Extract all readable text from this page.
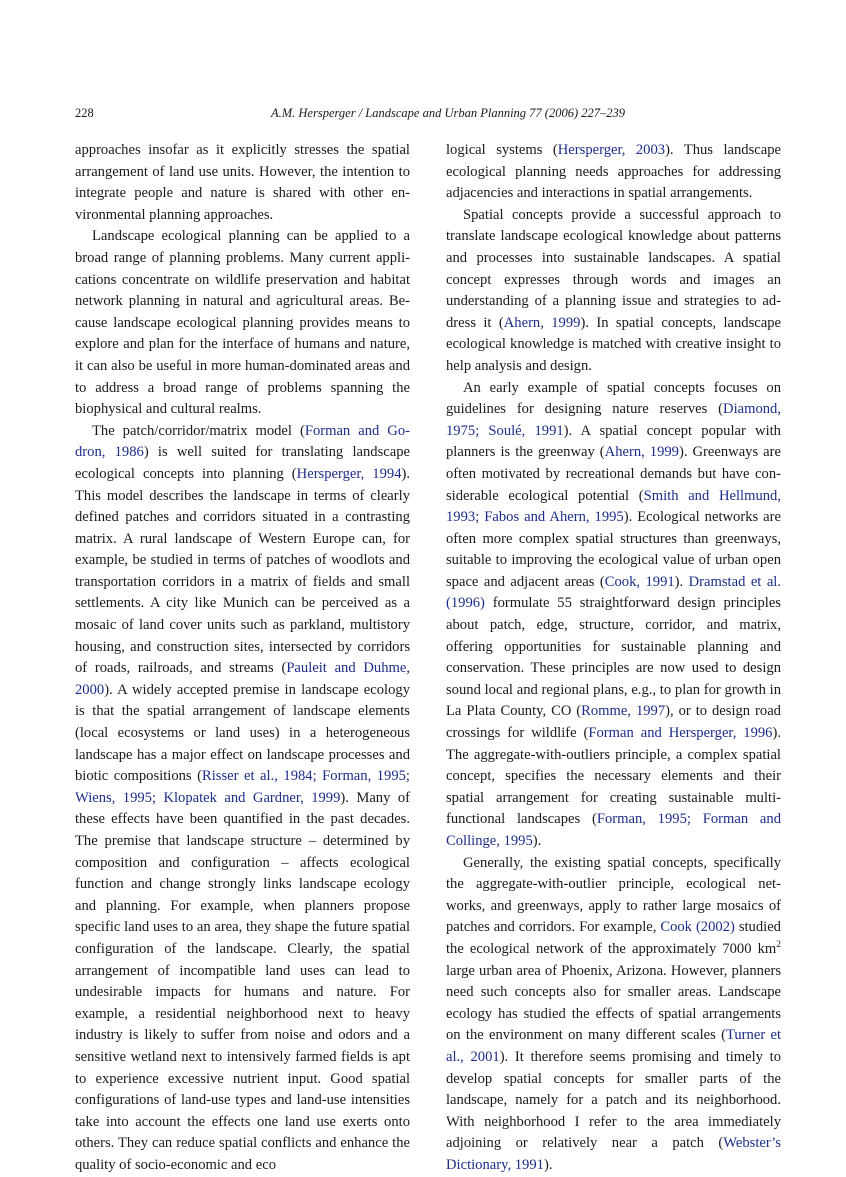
228	A.M. Hersperger / Landscape and Urban Planning 77 (2006) 227–239

approaches insofar as it explicitly stresses the spatial arrangement of land use units. However, the intention to integrate people and nature is shared with other environmental planning approaches.

Landscape ecological planning can be applied to a broad range of planning problems. Many current applications concentrate on wildlife preservation and habitat network planning in natural and agricultural areas. Because landscape ecological planning provides means to explore and plan for the interface of humans and nature, it can also be useful in more human-dominated areas and to address a broad range of problems spanning the biophysical and cultural realms.

The patch/corridor/matrix model (Forman and Godron, 1986) is well suited for translating landscape ecological concepts into planning (Hersperger, 1994). This model describes the landscape in terms of clearly defined patches and corridors situated in a contrasting matrix. A rural landscape of Western Europe can, for example, be studied in terms of patches of woodlots and transportation corridors in a matrix of fields and small settlements. A city like Munich can be perceived as a mosaic of land cover units such as parkland, multistory housing, and construction sites, intersected by corridors of roads, railroads, and streams (Pauleit and Duhme, 2000). A widely accepted premise in landscape ecology is that the spatial arrangement of landscape elements (local ecosystems or land uses) in a heterogeneous landscape has a major effect on landscape processes and biotic compositions (Risser et al., 1984; Forman, 1995; Wiens, 1995; Klopatek and Gardner, 1999). Many of these effects have been quantified in the past decades. The premise that landscape structure – determined by composition and configuration – affects ecological function and change strongly links landscape ecology and planning. For example, when planners propose specific land uses to an area, they shape the future spatial configuration of the landscape. Clearly, the spatial arrangement of incompatible land uses can lead to undesirable impacts for humans and nature. For example, a residential neighborhood next to heavy industry is likely to suffer from noise and odors and a sensitive wetland next to intensively farmed fields is apt to experience excessive nutrient input. Good spatial configurations of land-use types and land-use intensities take into account the effects one land use exerts onto others. They can reduce spatial conflicts and enhance the quality of socio-economic and eco

logical systems (Hersperger, 2003). Thus landscape ecological planning needs approaches for addressing adjacencies and interactions in spatial arrangements.

Spatial concepts provide a successful approach to translate landscape ecological knowledge about patterns and processes into sustainable landscapes. A spatial concept expresses through words and images an understanding of a planning issue and strategies to address it (Ahern, 1999). In spatial concepts, landscape ecological knowledge is matched with creative insight to help analysis and design.

An early example of spatial concepts focuses on guidelines for designing nature reserves (Diamond, 1975; Soulé, 1991). A spatial concept popular with planners is the greenway (Ahern, 1999). Greenways are often motivated by recreational demands but have considerable ecological potential (Smith and Hellmund, 1993; Fabos and Ahern, 1995). Ecological networks are often more complex spatial structures than greenways, suitable to improving the ecological value of urban open space and adjacent areas (Cook, 1991). Dramstad et al. (1996) formulate 55 straightforward design principles about patch, edge, structure, corridor, and matrix, offering opportunities for sustainable planning and conservation. These principles are now used to design sound local and regional plans, e.g., to plan for growth in La Plata County, CO (Romme, 1997), or to design road crossings for wildlife (Forman and Hersperger, 1996). The aggregate-with-outliers principle, a complex spatial concept, specifies the necessary elements and their spatial arrangement for creating sustainable multi-functional landscapes (Forman, 1995; Forman and Collinge, 1995).

Generally, the existing spatial concepts, specifically the aggregate-with-outlier principle, ecological networks, and greenways, apply to rather large mosaics of patches and corridors. For example, Cook (2002) studied the ecological network of the approximately 7000 $km^2$ large urban area of Phoenix, Arizona. However, planners need such concepts also for smaller areas. Landscape ecology has studied the effects of spatial arrangements on the environment on many different scales (Turner et al., 2001). It therefore seems promising and timely to develop spatial concepts for smaller parts of the landscape, namely for a patch and its neighborhood. With neighborhood I refer to the area immediately adjoining or relatively near a patch (Webster’s Dictionary, 1991).
